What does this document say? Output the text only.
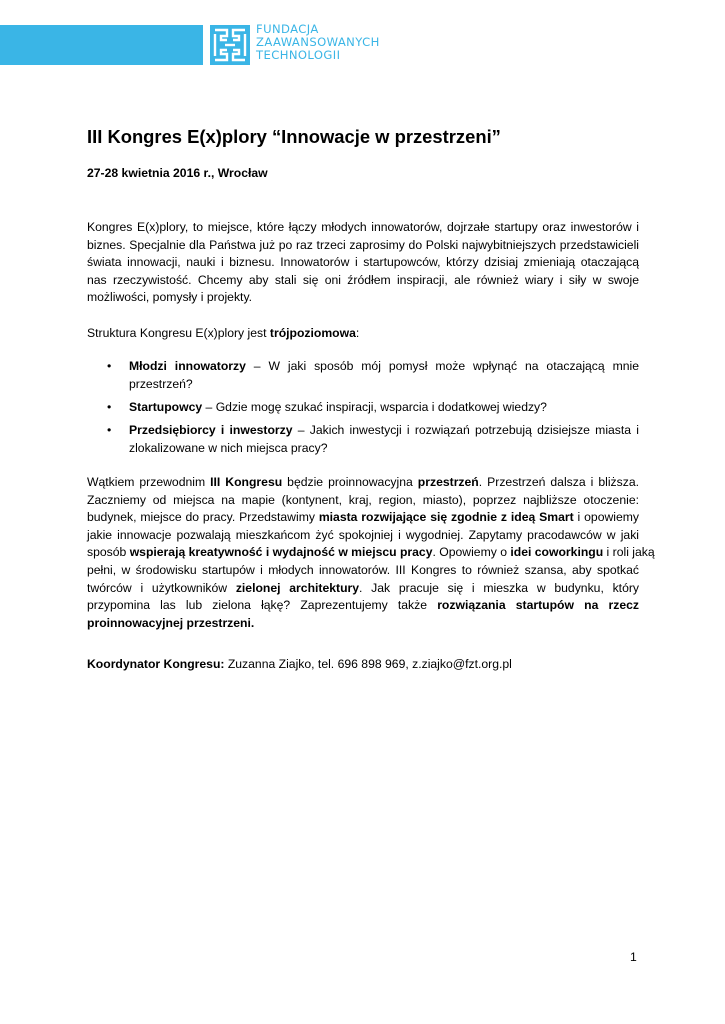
FUNDACJA
ZAAWANSOWANYCH
TECHNOLOGII
III Kongres E(x)plory “Innowacje w przestrzeni”

27-28 kwietnia 2016 r., Wrocław

Kongres E(x)plory, to miejsce, które łączy młodych innowatorów, dojrzałe startupy oraz inwestorów i
biznes. Specjalnie dla Państwa już po raz trzeci zaprosimy do Polski najwybitniejszych przedstawicieli
świata innowacji, nauki i biznesu. Innowatorów i startupowców, którzy dzisiaj zmieniają otaczającą
nas rzeczywistość. Chcemy aby stali się oni źródłem inspiracji, ale również wiary i siły w swoje
możliwości, pomysły i projekty.

Struktura Kongresu E(x)plory jest trójpoziomowa:

• Młodzi innowatorzy – W jaki sposób mój pomysł może wpłynąć na otaczającą mnie
przestrzeń?
• Startupowcy – Gdzie mogę szukać inspiracji, wsparcia i dodatkowej wiedzy?
• Przedsiębiorcy i inwestorzy – Jakich inwestycji i rozwiązań potrzebują dzisiejsze miasta i
zlokalizowane w nich miejsca pracy?

Wątkiem przewodnim III Kongresu będzie proinnowacyjna przestrzeń. Przestrzeń dalsza i bliższa.
Zaczniemy od miejsca na mapie (kontynent, kraj, region, miasto), poprzez najbliższe otoczenie:
budynek, miejsce do pracy. Przedstawimy miasta rozwijające się zgodnie z ideą Smart i opowiemy
jakie innowacje pozwalają mieszkańcom żyć spokojniej i wygodniej. Zapytamy pracodawców w jaki
sposób wspierają kreatywność i wydajność w miejscu pracy. Opowiemy o idei coworkingu i roli jaką
pełni, w środowisku startupów i młodych innowatorów. III Kongres to również szansa, aby spotkać
twórców i użytkowników zielonej architektury. Jak pracuje się i mieszka w budynku, który
przypomina las lub zielona łąkę? Zaprezentujemy także rozwiązania startupów na rzecz
proinnowacyjnej przestrzeni.

Koordynator Kongresu: Zuzanna Ziajko, tel. 696 898 969, z.ziajko@fzt.org.pl

1
